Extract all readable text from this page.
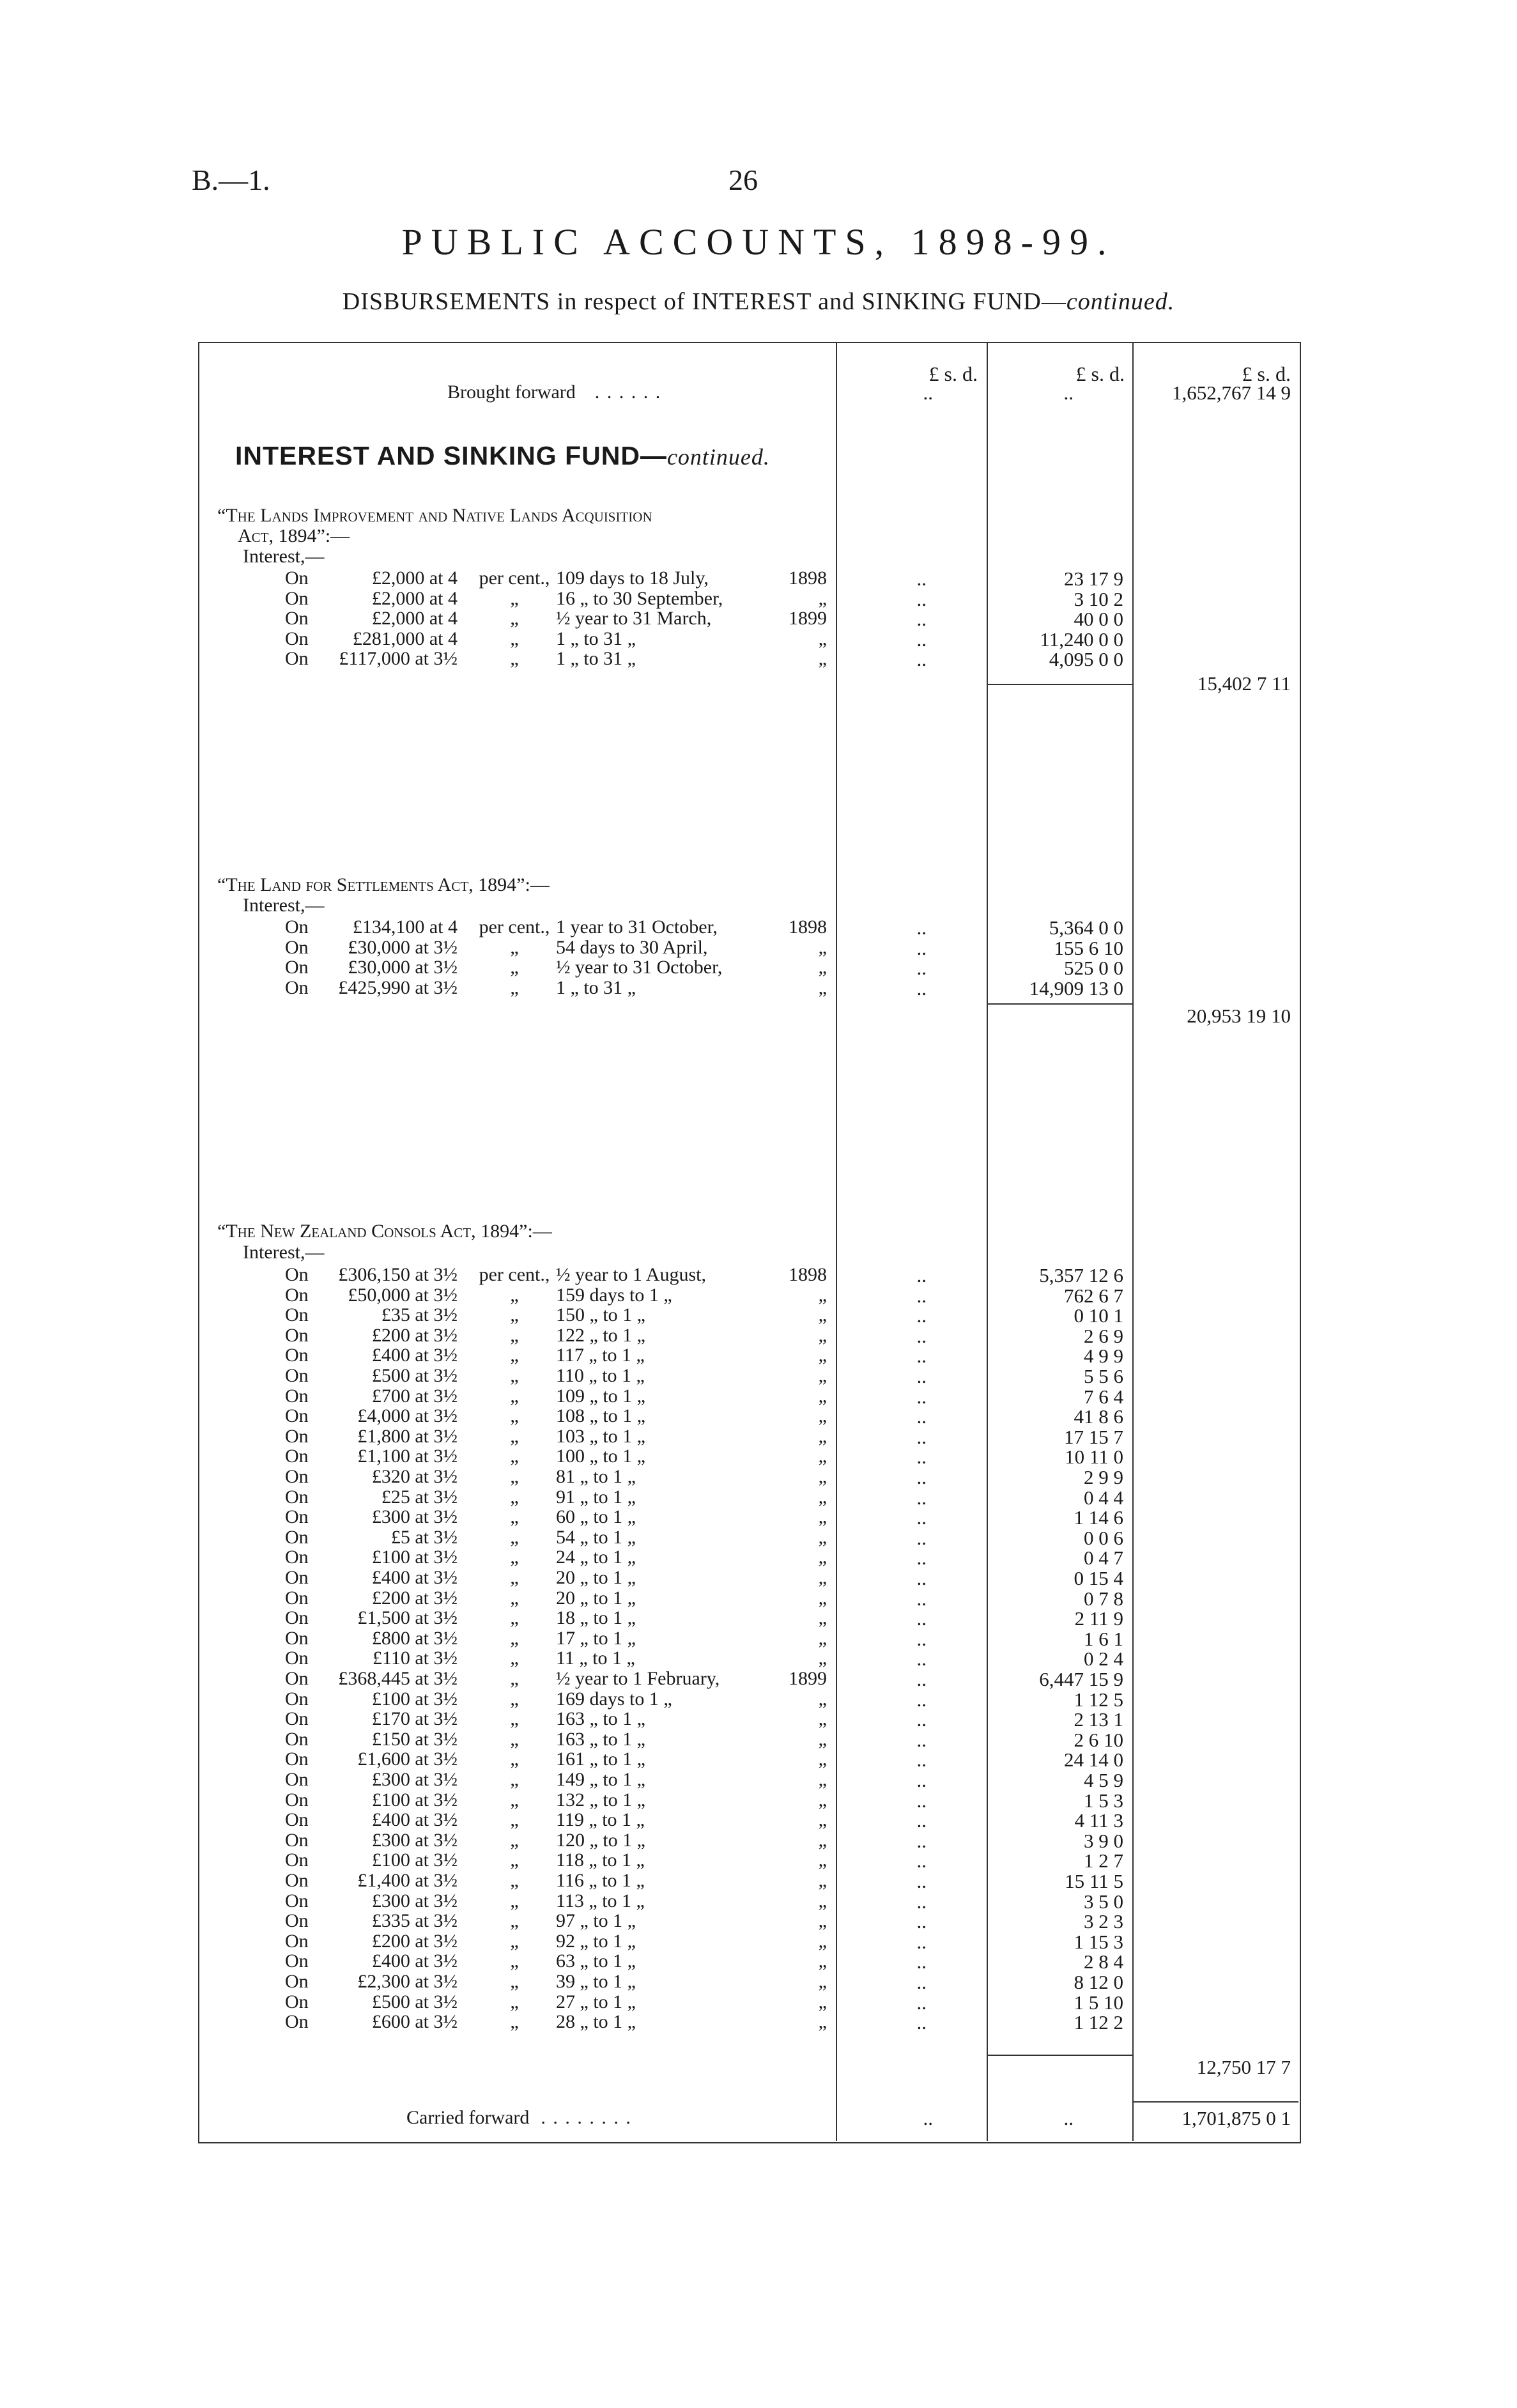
B.—1.	26
PUBLIC ACCOUNTS, 1898-99.
DISBURSEMENTS in respect of INTEREST and SINKING FUND—continued.
£ s. d.	£ s. d.	£ s. d.
Brought forward . . . . . .	..	..	1,652,767 14 9
INTEREST AND SINKING FUND—continued.
“The Lands Improvement and Native Lands Acquisition
Act, 1894”:—
Interest,—
On	£2,000 at 4	per cent., 109 days to 18 July,	1898	..	23 17 9
On	£2,000 at 4	„	16 „ to 30 September,	„	..	3 10 2
On	£2,000 at 4	„	½ year to 31 March,	1899	..	40 0 0
On	£281,000 at 4	„	1 „ to 31 „	„	..	11,240 0 0
On	£117,000 at 3½	„	1 „ to 31 „	„	..	4,095 0 0
15,402 7 11
“The Land for Settlements Act, 1894”:—
Interest,—
On	£134,100 at 4	per cent., 1 year to 31 October,	1898	..	5,364 0 0
On	£30,000 at 3½	„	54 days to 30 April,	„	..	155 6 10
On	£30,000 at 3½	„	½ year to 31 October,	„	..	525 0 0
On	£425,990 at 3½	„	1 „ to 31 „	„	..	14,909 13 0
20,953 19 10
“The New Zealand Consols Act, 1894”:—
Interest,—
On	£306,150 at 3½	per cent., ½ year to 1 August,	1898	..	5,357 12 6
On	£50,000 at 3½	„	159 days to 1 „	„	..	762 6 7
On	£35 at 3½	„	150 „ to 1 „	„	..	0 10 1
On	£200 at 3½	„	122 „ to 1 „	„	..	2 6 9
On	£400 at 3½	„	117 „ to 1 „	„	..	4 9 9
On	£500 at 3½	„	110 „ to 1 „	„	..	5 5 6
On	£700 at 3½	„	109 „ to 1 „	„	..	7 6 4
On	£4,000 at 3½	„	108 „ to 1 „	„	..	41 8 6
On	£1,800 at 3½	„	103 „ to 1 „	„	..	17 15 7
On	£1,100 at 3½	„	100 „ to 1 „	„	..	10 11 0
On	£320 at 3½	„	81 „ to 1 „	„	..	2 9 9
On	£25 at 3½	„	91 „ to 1 „	„	..	0 4 4
On	£300 at 3½	„	60 „ to 1 „	„	..	1 14 6
On	£5 at 3½	„	54 „ to 1 „	„	..	0 0 6
On	£100 at 3½	„	24 „ to 1 „	„	..	0 4 7
On	£400 at 3½	„	20 „ to 1 „	„	..	0 15 4
On	£200 at 3½	„	20 „ to 1 „	„	..	0 7 8
On	£1,500 at 3½	„	18 „ to 1 „	„	..	2 11 9
On	£800 at 3½	„	17 „ to 1 „	„	..	1 6 1
On	£110 at 3½	„	11 „ to 1 „	„	..	0 2 4
On	£368,445 at 3½	„	½ year to 1 February,	1899	..	6,447 15 9
On	£100 at 3½	„	169 days to 1 „	„	..	1 12 5
On	£170 at 3½	„	163 „ to 1 „	„	..	2 13 1
On	£150 at 3½	„	163 „ to 1 „	„	..	2 6 10
On	£1,600 at 3½	„	161 „ to 1 „	„	..	24 14 0
On	£300 at 3½	„	149 „ to 1 „	„	..	4 5 9
On	£100 at 3½	„	132 „ to 1 „	„	..	1 5 3
On	£400 at 3½	„	119 „ to 1 „	„	..	4 11 3
On	£300 at 3½	„	120 „ to 1 „	„	..	3 9 0
On	£100 at 3½	„	118 „ to 1 „	„	..	1 2 7
On	£1,400 at 3½	„	116 „ to 1 „	„	..	15 11 5
On	£300 at 3½	„	113 „ to 1 „	„	..	3 5 0
On	£335 at 3½	„	97 „ to 1 „	„	..	3 2 3
On	£200 at 3½	„	92 „ to 1 „	„	..	1 15 3
On	£400 at 3½	„	63 „ to 1 „	„	..	2 8 4
On	£2,300 at 3½	„	39 „ to 1 „	„	..	8 12 0
On	£500 at 3½	„	27 „ to 1 „	„	..	1 5 10
On	£600 at 3½	„	28 „ to 1 „	„	..	1 12 2
12,750 17 7
Carried forward . . . . . . . .	..	..	1,701,875 0 1
